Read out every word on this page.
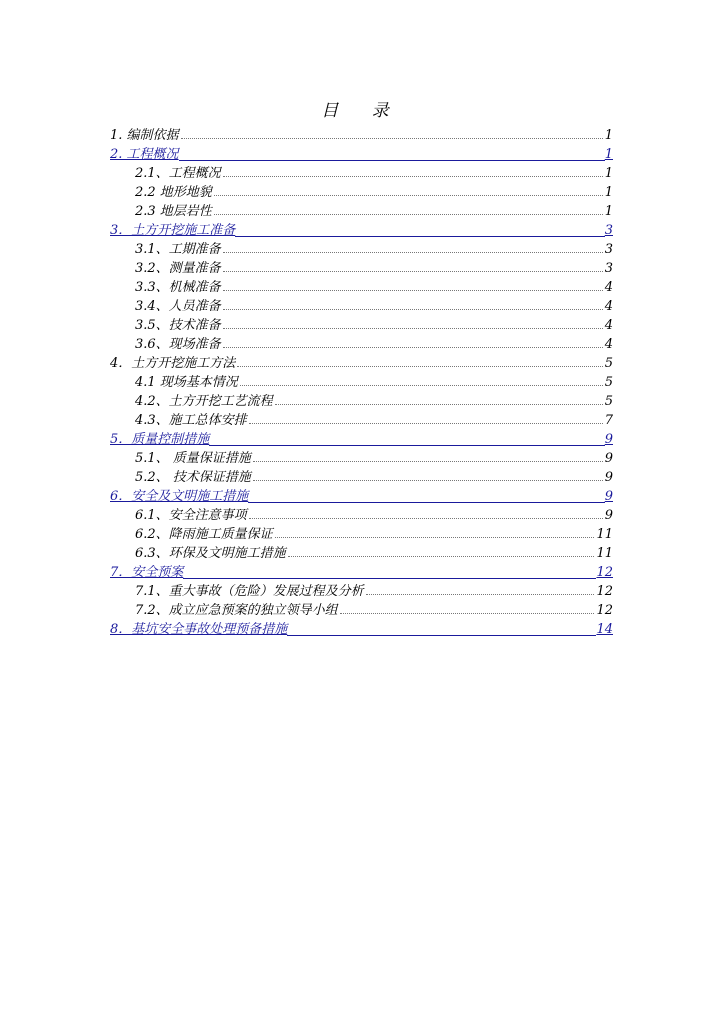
目 录
1. 编制依据	1
2. 工程概况	1
2.1、工程概况	1
2.2 地形地貌	1
2.3 地层岩性	1
3．土方开挖施工准备	3
3.1、工期准备	3
3.2、测量准备	3
3.3、机械准备	4
3.4、人员准备	4
3.5、技术准备	4
3.6、现场准备	4
4．土方开挖施工方法	5
4.1 现场基本情况	5
4.2、土方开挖工艺流程	5
4.3、施工总体安排	7
5．质量控制措施	9
5.1、 质量保证措施	9
5.2、 技术保证措施	9
6．安全及文明施工措施	9
6.1、安全注意事项	9
6.2、降雨施工质量保证	11
6.3、环保及文明施工措施	11
7．安全预案	12
7.1、重大事故（危险）发展过程及分析	12
7.2、成立应急预案的独立领导小组	12
8．基坑安全事故处理预备措施	14
